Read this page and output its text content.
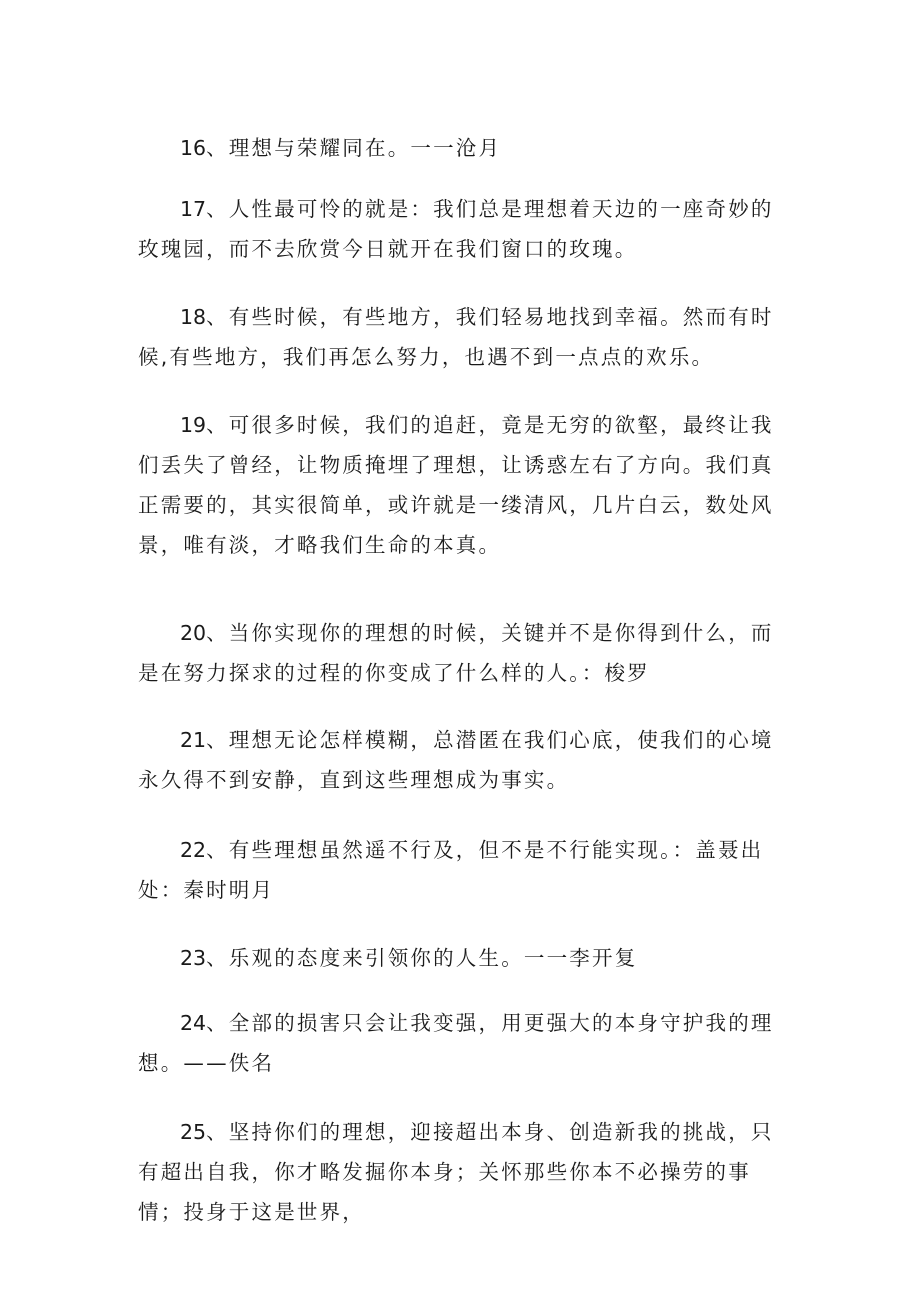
16、理想与荣耀同在。一一沧月

17、人性最可怜的就是：我们总是理想着天边的一座奇妙的玫瑰园，而不去欣赏今日就开在我们窗口的玫瑰。

18、有些时候，有些地方，我们轻易地找到幸福。然而有时候,有些地方，我们再怎么努力，也遇不到一点点的欢乐。

19、可很多时候，我们的追赶，竟是无穷的欲壑，最终让我们丢失了曾经，让物质掩埋了理想，让诱惑左右了方向。我们真正需要的，其实很简单，或许就是一缕清风，几片白云，数处风景，唯有淡，才略我们生命的本真。

20、当你实现你的理想的时候，关键并不是你得到什么，而是在努力探求的过程的你变成了什么样的人。：梭罗

21、理想无论怎样模糊，总潜匿在我们心底，使我们的心境永久得不到安静，直到这些理想成为事实。

22、有些理想虽然遥不行及，但不是不行能实现。：盖聂出处：秦时明月

23、乐观的态度来引领你的人生。一一李开复

24、全部的损害只会让我变强，用更强大的本身守护我的理想。——佚名

25、坚持你们的理想，迎接超出本身、创造新我的挑战，只有超出自我，你才略发掘你本身；关怀那些你本不必操劳的事情；投身于这是世界，
